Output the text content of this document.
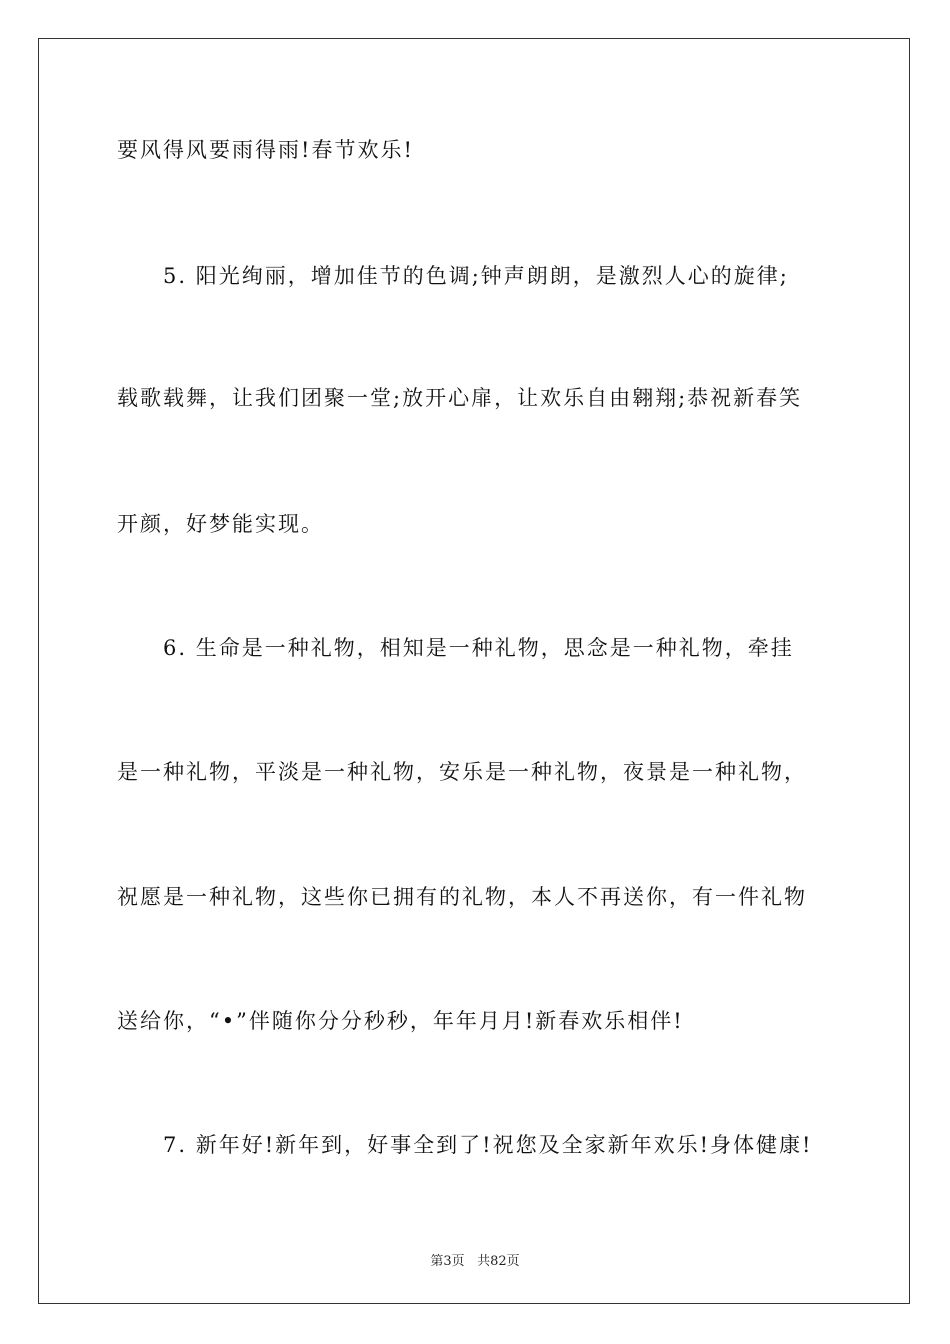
要风得风要雨得雨!春节欢乐!
5. 阳光绚丽，增加佳节的色调;钟声朗朗，是激烈人心的旋律;
载歌载舞，让我们团聚一堂;放开心扉，让欢乐自由翱翔;恭祝新春笑
开颜，好梦能实现。
6. 生命是一种礼物，相知是一种礼物，思念是一种礼物，牵挂
是一种礼物，平淡是一种礼物，安乐是一种礼物，夜景是一种礼物，
祝愿是一种礼物，这些你已拥有的礼物，本人不再送你，有一件礼物
送给你，“•”伴随你分分秒秒，年年月月!新春欢乐相伴!
7. 新年好!新年到，好事全到了!祝您及全家新年欢乐!身体健康!
第3页 共82页
